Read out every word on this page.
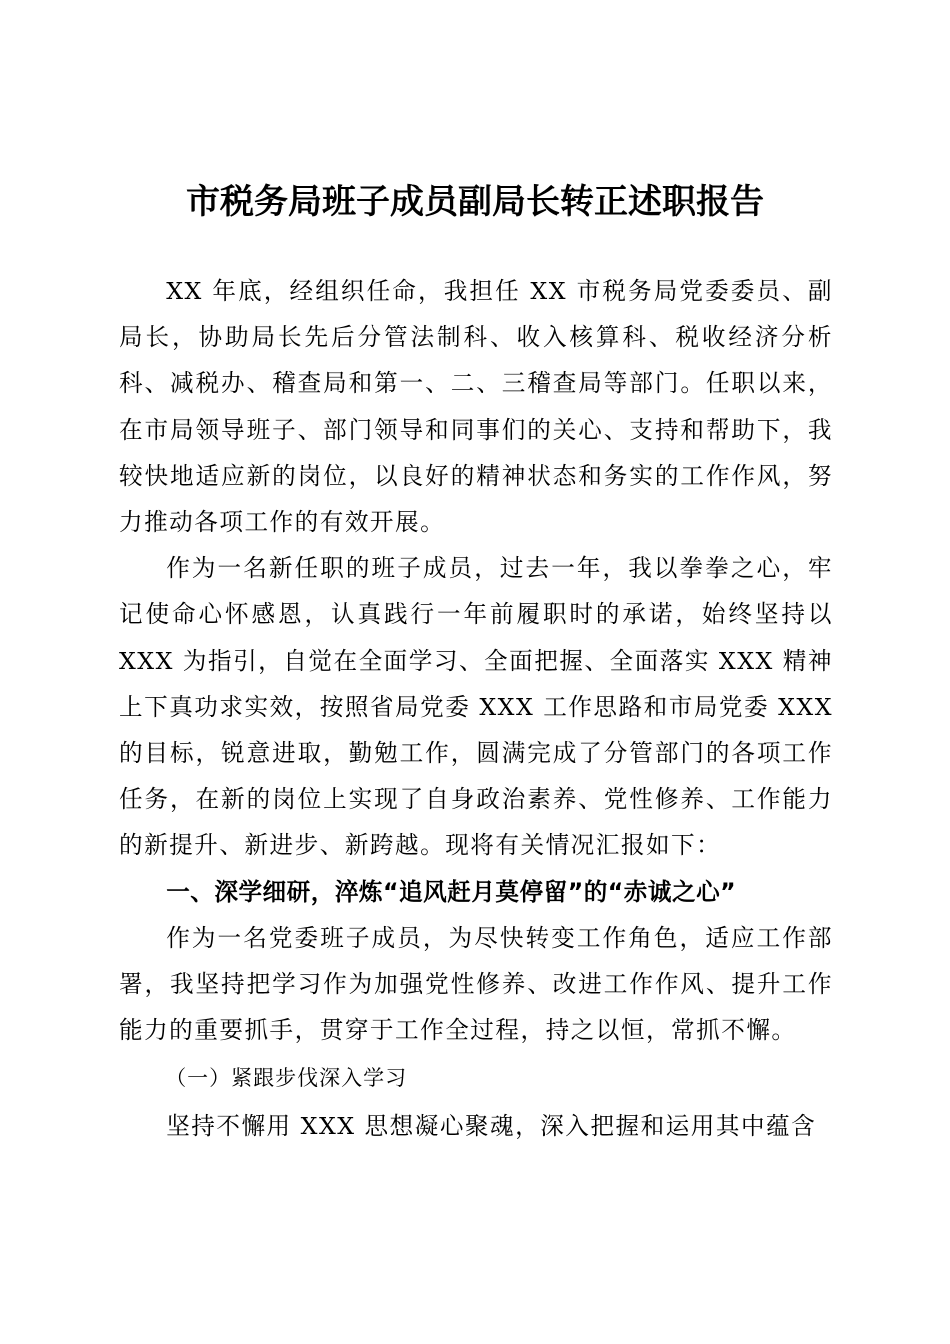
市税务局班子成员副局长转正述职报告

XX 年底，经组织任命，我担任 XX 市税务局党委委员、副局长，协助局长先后分管法制科、收入核算科、税收经济分析科、减税办、稽查局和第一、二、三稽查局等部门。任职以来，在市局领导班子、部门领导和同事们的关心、支持和帮助下，我较快地适应新的岗位，以良好的精神状态和务实的工作作风，努力推动各项工作的有效开展。

作为一名新任职的班子成员，过去一年，我以拳拳之心，牢记使命心怀感恩，认真践行一年前履职时的承诺，始终坚持以 XXX 为指引，自觉在全面学习、全面把握、全面落实 XXX 精神上下真功求实效，按照省局党委 XXX 工作思路和市局党委 XXX 的目标，锐意进取，勤勉工作，圆满完成了分管部门的各项工作任务，在新的岗位上实现了自身政治素养、党性修养、工作能力的新提升、新进步、新跨越。现将有关情况汇报如下：

一、深学细研，淬炼“追风赶月莫停留”的“赤诚之心”

作为一名党委班子成员，为尽快转变工作角色，适应工作部署，我坚持把学习作为加强党性修养、改进工作作风、提升工作能力的重要抓手，贯穿于工作全过程，持之以恒，常抓不懈。

（一）紧跟步伐深入学习

坚持不懈用 XXX 思想凝心聚魂，深入把握和运用其中蕴含
